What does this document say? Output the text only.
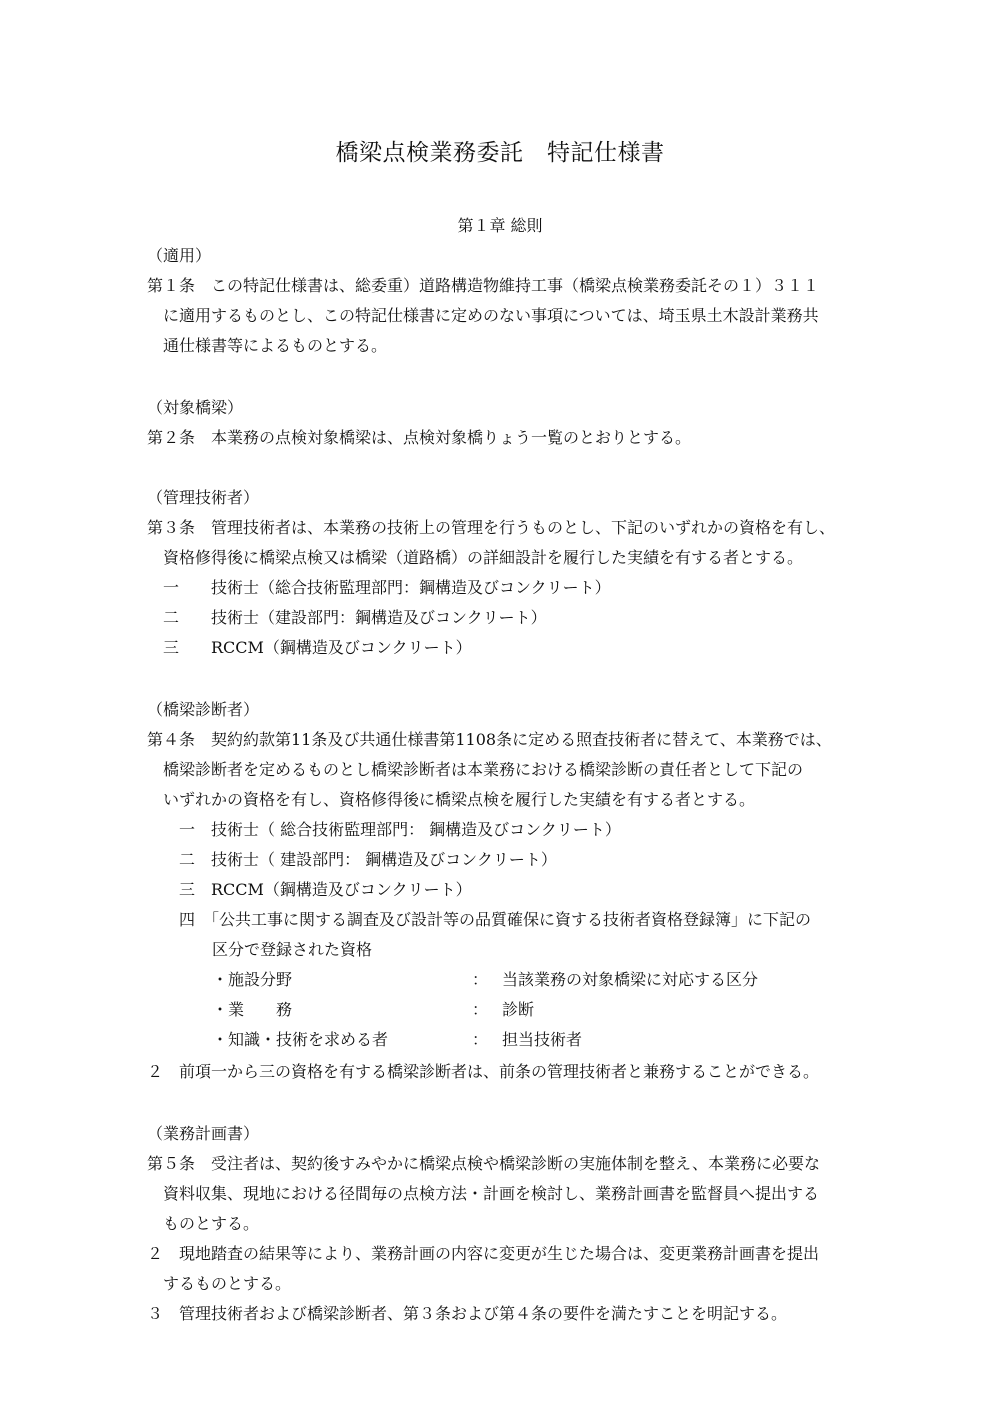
橋梁点検業務委託　特記仕様書
第１章 総則
（適用）
第１条　この特記仕様書は、総委重）道路構造物維持工事（橋梁点検業務委託その１）３１１
に適用するものとし、この特記仕様書に定めのない事項については、埼玉県土木設計業務共
通仕様書等によるものとする。
（対象橋梁）
第２条　本業務の点検対象橋梁は、点検対象橋りょう一覧のとおりとする。
（管理技術者）
第３条　管理技術者は、本業務の技術上の管理を行うものとし、下記のいずれかの資格を有し、
資格修得後に橋梁点検又は橋梁（道路橋）の詳細設計を履行した実績を有する者とする。
一　　技術士（総合技術監理部門：鋼構造及びコンクリート）
二　　技術士（建設部門：鋼構造及びコンクリート）
三　　RCCM（鋼構造及びコンクリート）
（橋梁診断者）
第４条　契約約款第11条及び共通仕様書第1108条に定める照査技術者に替えて、本業務では、
橋梁診断者を定めるものとし橋梁診断者は本業務における橋梁診断の責任者として下記の
いずれかの資格を有し、資格修得後に橋梁点検を履行した実績を有する者とする。
一　技術士（ 総合技術監理部門： 鋼構造及びコンクリート）
二　技術士（ 建設部門： 鋼構造及びコンクリート）
三　RCCM（鋼構造及びコンクリート）
四　「公共工事に関する調査及び設計等の品質確保に資する技術者資格登録簿」に下記の
区分で登録された資格
・施設分野	： 当該業務の対象橋梁に対応する区分
・業　　務	： 診断
・知識・技術を求める者	： 担当技術者
２　前項一から三の資格を有する橋梁診断者は、前条の管理技術者と兼務することができる。
（業務計画書）
第５条　受注者は、契約後すみやかに橋梁点検や橋梁診断の実施体制を整え、本業務に必要な
資料収集、現地における径間毎の点検方法・計画を検討し、業務計画書を監督員へ提出する
ものとする。
２　現地踏査の結果等により、業務計画の内容に変更が生じた場合は、変更業務計画書を提出
するものとする。
３　管理技術者および橋梁診断者、第３条および第４条の要件を満たすことを明記する。
